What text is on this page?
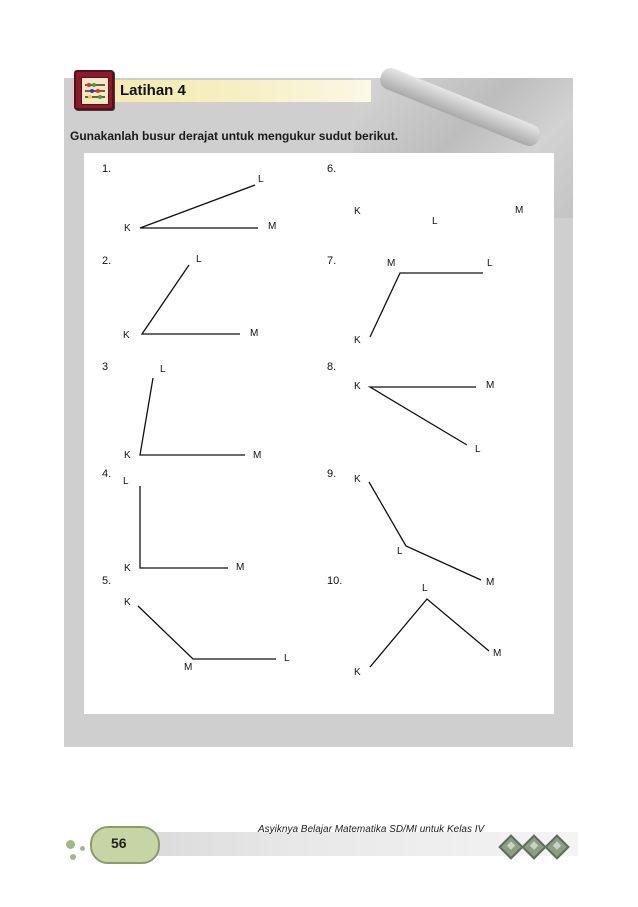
Latihan 4
Gunakanlah busur derajat untuk mengukur sudut berikut.
1.
2.
3
4.
5.
6.
7.
8.
9.
10.
L
K	M
L
K	M
L
K	M
L
K	M
K
M
L
K
L
M
M	L
K
K	M
L
K
L
M
L
M
K
56
Asyiknya Belajar Matematika SD/MI untuk Kelas IV
